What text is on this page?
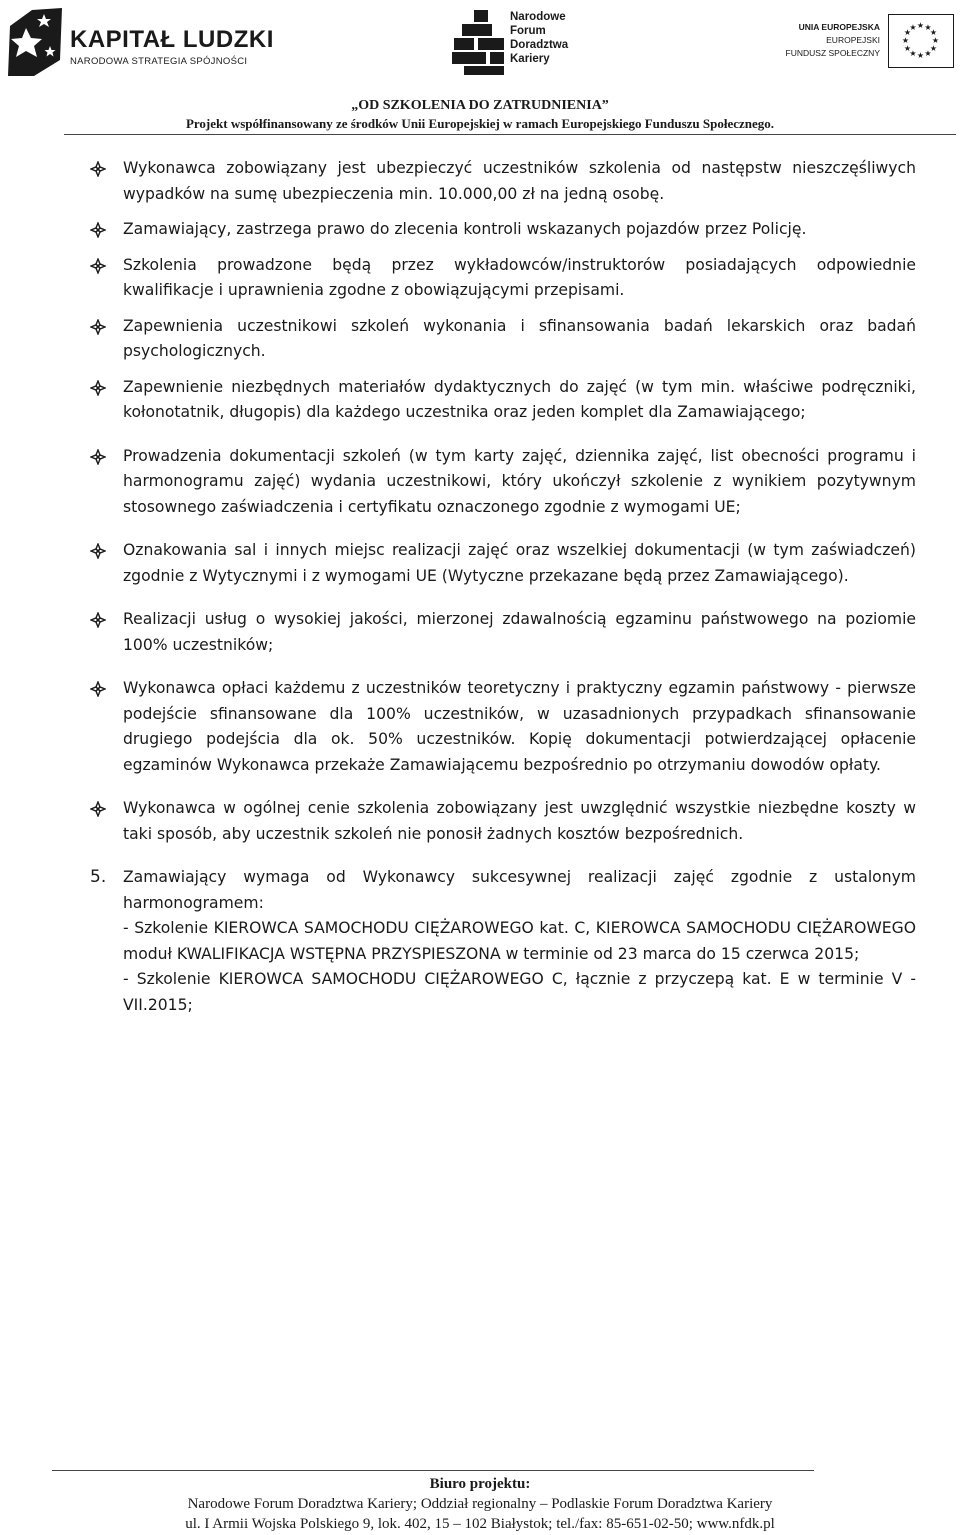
KAPITAŁ LUDZKI
NARODOWA STRATEGIA SPÓJNOŚCI
Narodowe
Forum
Doradztwa
Kariery
UNIA EUROPEJSKA
EUROPEJSKI
FUNDUSZ SPOŁECZNY
★ ★
★
★
★
★
★
★
★
★
★
★
„OD SZKOLENIA DO ZATRUDNIENIA”
Projekt współfinansowany ze środków Unii Europejskiej w ramach Europejskiego Funduszu Społecznego.
Wykonawca zobowiązany jest ubezpieczyć uczestników szkolenia od następstw nieszczęśliwych wypadków na sumę ubezpieczenia min. 10.000,00 zł na jedną osobę.
Zamawiający, zastrzega prawo do zlecenia kontroli wskazanych pojazdów przez Policję.
Szkolenia prowadzone będą przez wykładowców/instruktorów posiadających odpowiednie kwalifikacje i uprawnienia zgodne z obowiązującymi przepisami.
Zapewnienia uczestnikowi szkoleń wykonania i sfinansowania badań lekarskich oraz badań psychologicznych.
Zapewnienie niezbędnych materiałów dydaktycznych do zajęć (w tym min. właściwe podręczniki, kołonotatnik, długopis) dla każdego uczestnika oraz jeden komplet dla Zamawiającego;
Prowadzenia dokumentacji szkoleń (w tym karty zajęć, dziennika zajęć, list obecności programu i harmonogramu zajęć) wydania uczestnikowi, który ukończył szkolenie z wynikiem pozytywnym stosownego zaświadczenia i certyfikatu oznaczonego zgodnie z wymogami UE;
Oznakowania sal i innych miejsc realizacji zajęć oraz wszelkiej dokumentacji (w tym zaświadczeń) zgodnie z Wytycznymi i z wymogami UE (Wytyczne przekazane będą przez Zamawiającego).
Realizacji usług o wysokiej jakości, mierzonej zdawalnością egzaminu państwowego na poziomie 100% uczestników;
Wykonawca opłaci każdemu z uczestników teoretyczny i praktyczny egzamin państwowy - pierwsze podejście sfinansowane dla 100% uczestników, w uzasadnionych przypadkach sfinansowanie drugiego podejścia dla ok. 50% uczestników. Kopię dokumentacji potwierdzającej opłacenie egzaminów Wykonawca przekaże Zamawiającemu bezpośrednio po otrzymaniu dowodów opłaty.
Wykonawca w ogólnej cenie szkolenia zobowiązany jest uwzględnić wszystkie niezbędne koszty w taki sposób, aby uczestnik szkoleń nie ponosił żadnych kosztów bezpośrednich.
5. Zamawiający wymaga od Wykonawcy sukcesywnej realizacji zajęć zgodnie z ustalonym harmonogramem:
- Szkolenie KIEROWCA SAMOCHODU CIĘŻAROWEGO kat. C, KIEROWCA SAMOCHODU CIĘŻAROWEGO moduł KWALIFIKACJA WSTĘPNA PRZYSPIESZONA w terminie od 23 marca do 15 czerwca 2015;
- Szkolenie KIEROWCA SAMOCHODU CIĘŻAROWEGO C, łącznie z przyczepą kat. E w terminie V - VII.2015;
Biuro projektu:
Narodowe Forum Doradztwa Kariery; Oddział regionalny – Podlaskie Forum Doradztwa Kariery
ul. I Armii Wojska Polskiego 9, lok. 402, 15 – 102 Białystok; tel./fax: 85-651-02-50; www.nfdk.pl
